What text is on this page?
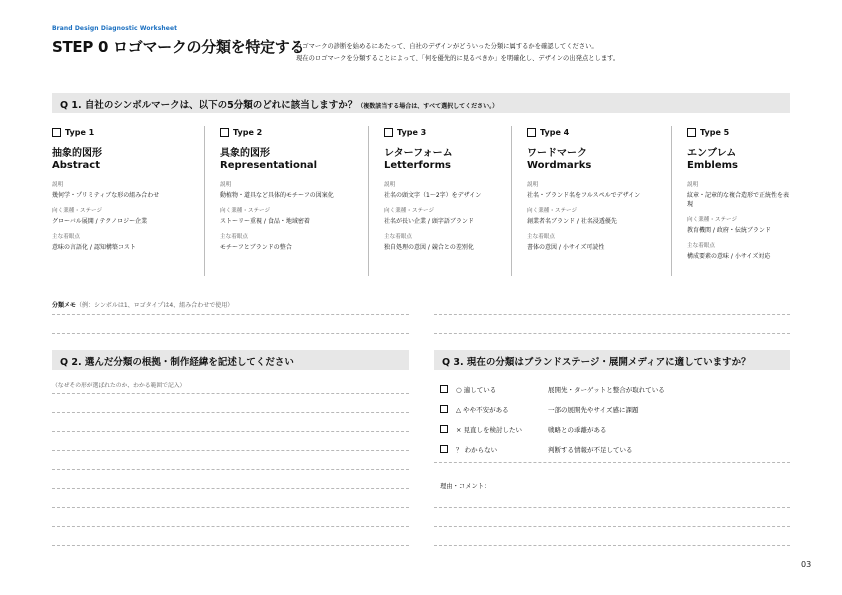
Brand Design Diagnostic Worksheet
STEP 0 ロゴマークの分類を特定する
ロゴマークの診断を始めるにあたって、自社のデザインがどういった分類に属するかを確認してください。
現在のロゴマークを分類することによって、「何を優先的に見るべきか」を明確化し、デザインの出発点とします。
Q 1. 自社のシンボルマークは、以下の5分類のどれに該当しますか？（複数該当する場合は、すべて選択してください。）
Type 1
抽象的図形
Abstract
説明
幾何学・プリミティブな形の組み合わせ
向く業種・ステージ
グローバル展開 / テクノロジー企業
主な着眼点
意味の言語化 / 認知構築コスト
Type 2
具象的図形
Representational
説明
動植物・道具など具体的モチーフの図案化
向く業種・ステージ
ストーリー重視 / 食品・地域密着
主な着眼点
モチーフとブランドの整合
Type 3
レターフォーム
Letterforms
説明
社名の頭文字（1〜2字）をデザイン
向く業種・ステージ
社名が長い企業 / 頭字語ブランド
主な着眼点
独自処理の意図 / 競合との差別化
Type 4
ワードマーク
Wordmarks
説明
社名・ブランド名をフルスペルでデザイン
向く業種・ステージ
創業者名ブランド / 社名浸透優先
主な着眼点
書体の意図 / 小サイズ可読性
Type 5
エンブレム
Emblems
説明
紋章・記章的な複合造形で正統性を表現
向く業種・ステージ
教育機関 / 政府・伝統ブランド
主な着眼点
構成要素の意味 / 小サイズ対応
分類メモ（例：シンボルは1、ロゴタイプは4、組み合わせで使用）
Q 2. 選んだ分類の根拠・制作経緯を記述してください
（なぜその形が選ばれたのか、わかる範囲で記入）
Q 3. 現在の分類はブランドステージ・展開メディアに適していますか？
○ 適している	展開先・ターゲットと整合が取れている
△ やや不安がある	一部の展開先やサイズ感に課題
× 見直しを検討したい	戦略との乖離がある
？ わからない	判断する情報が不足している
理由・コメント：
03
